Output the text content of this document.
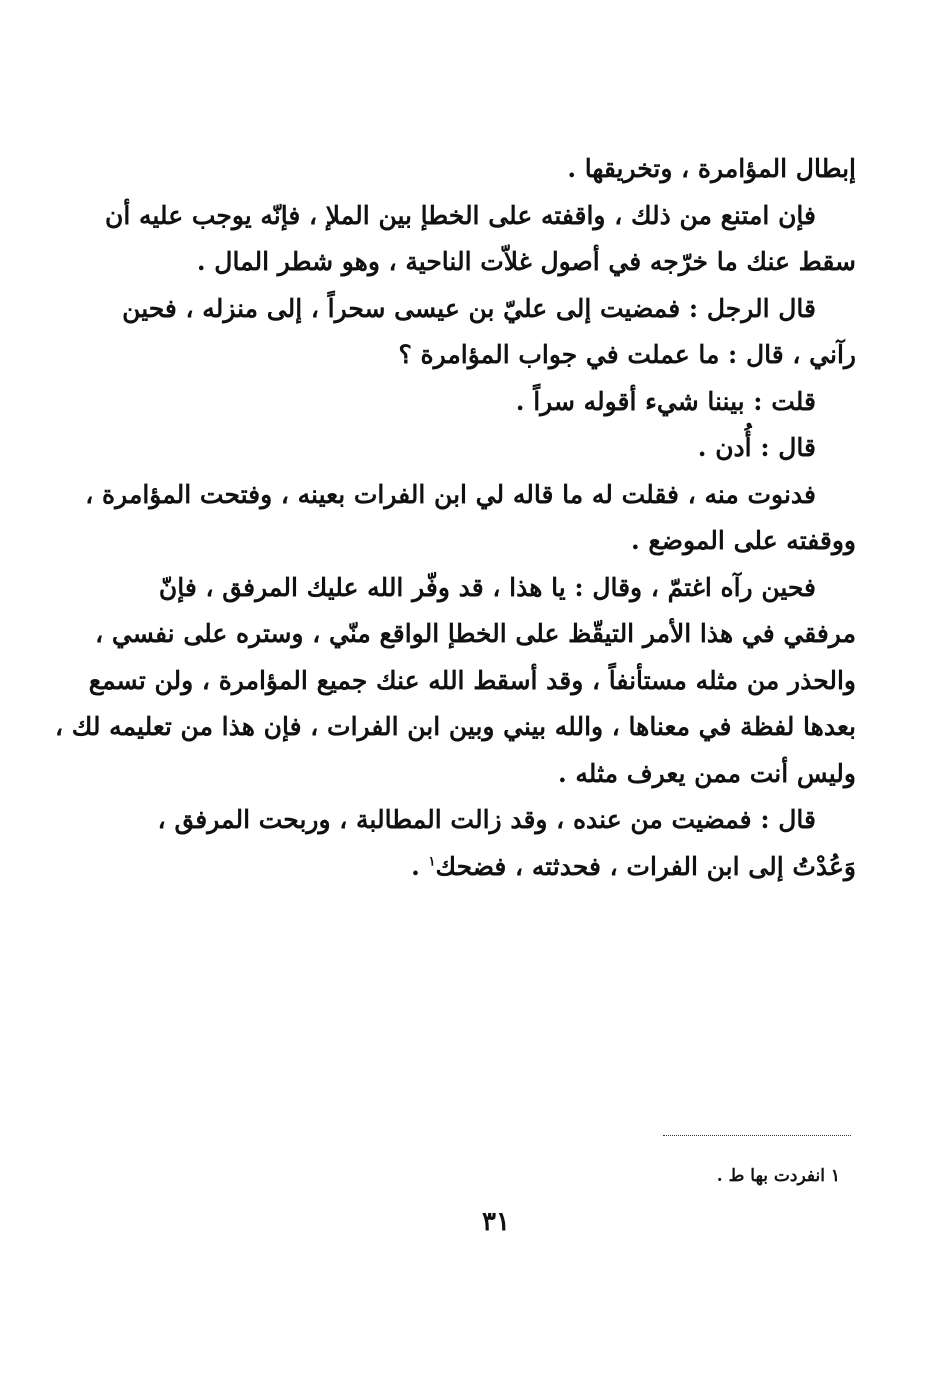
إبطال المؤامرة ، وتخريقها .

فإن امتنع من ذلك ، واقفته على الخطإ بين الملإ ، فإنّه يوجب عليه أن
سقط عنك ما خرّجه في أصول غلاّت الناحية ، وهو شطر المال .

قال الرجل : فمضيت إلى عليّ بن عيسى سحراً ، إلى منزله ، فحين
رآني ، قال : ما عملت في جواب المؤامرة ؟

قلت : بيننا شيء أقوله سراً .

قال : أُدن .

فدنوت منه ، فقلت له ما قاله لي ابن الفرات بعينه ، وفتحت المؤامرة ،
ووقفته على الموضع .

فحين رآه اغتمّ ، وقال : يا هذا ، قد وفّر الله عليك المرفق ، فإنّ
مرفقي في هذا الأمر التيقّظ على الخطإ الواقع منّي ، وستره على نفسي ،
والحذر من مثله مستأنفاً ، وقد أسقط الله عنك جميع المؤامرة ، ولن تسمع
بعدها لفظة في معناها ، والله بيني وبين ابن الفرات ، فإن هذا من تعليمه لك ،
وليس أنت ممن يعرف مثله .

قال : فمضيت من عنده ، وقد زالت المطالبة ، وربحت المرفق ،
وَعُدْتُ إلى ابن الفرات ، فحدثته ، فضحك$^١$ .

١ انفردت بها ط .
٣١
